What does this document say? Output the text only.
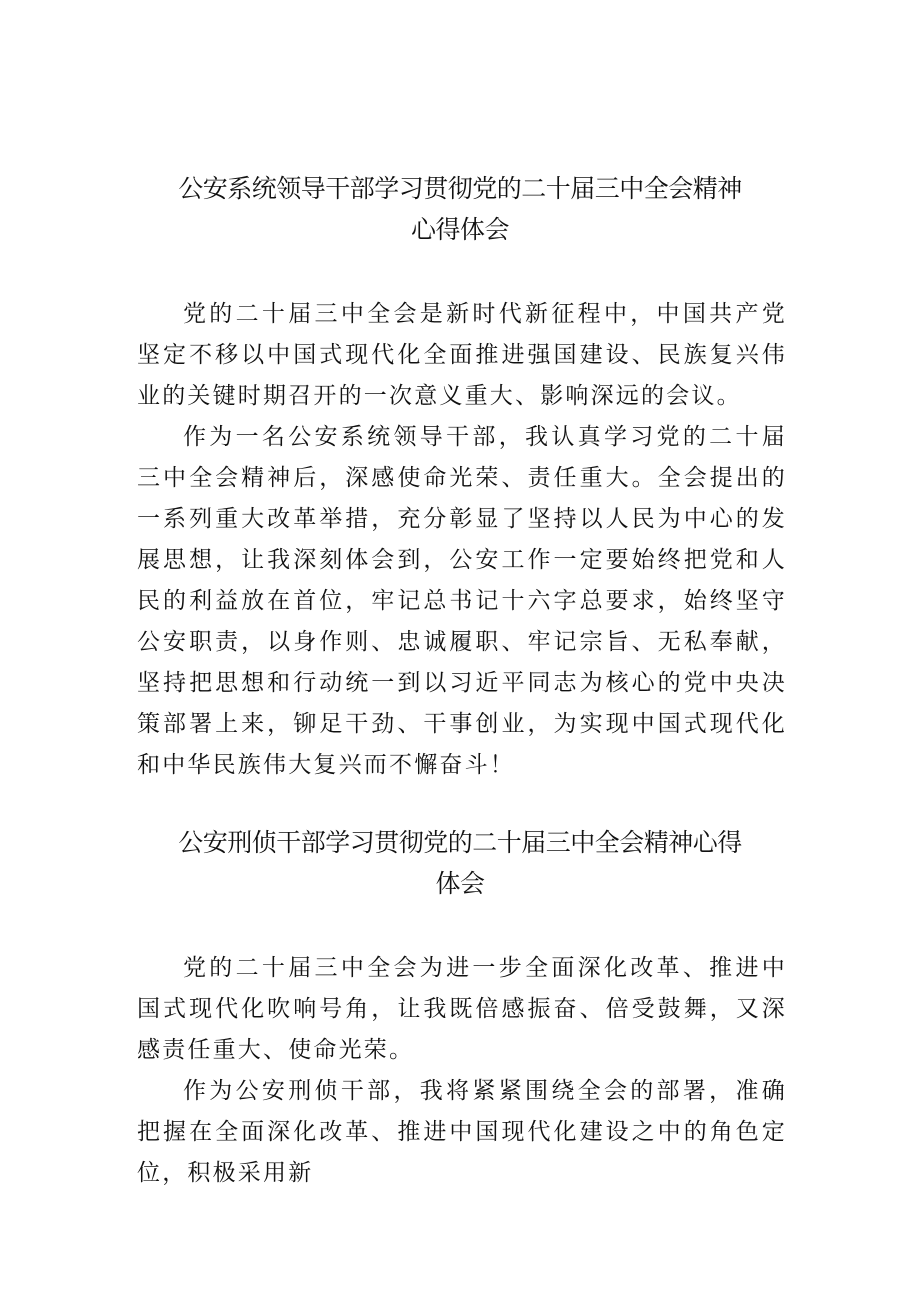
公安系统领导干部学习贯彻党的二十届三中全会精神
心得体会

党的二十届三中全会是新时代新征程中，中国共产党坚定不移以中国式现代化全面推进强国建设、民族复兴伟业的关键时期召开的一次意义重大、影响深远的会议。

作为一名公安系统领导干部，我认真学习党的二十届三中全会精神后，深感使命光荣、责任重大。全会提出的一系列重大改革举措，充分彰显了坚持以人民为中心的发展思想，让我深刻体会到，公安工作一定要始终把党和人民的利益放在首位，牢记总书记十六字总要求，始终坚守公安职责，以身作则、忠诚履职、牢记宗旨、无私奉献，坚持把思想和行动统一到以习近平同志为核心的党中央决策部署上来，铆足干劲、干事创业，为实现中国式现代化和中华民族伟大复兴而不懈奋斗！

公安刑侦干部学习贯彻党的二十届三中全会精神心得
体会

党的二十届三中全会为进一步全面深化改革、推进中国式现代化吹响号角，让我既倍感振奋、倍受鼓舞，又深感责任重大、使命光荣。

作为公安刑侦干部，我将紧紧围绕全会的部署，准确把握在全面深化改革、推进中国现代化建设之中的角色定位，积极采用新
